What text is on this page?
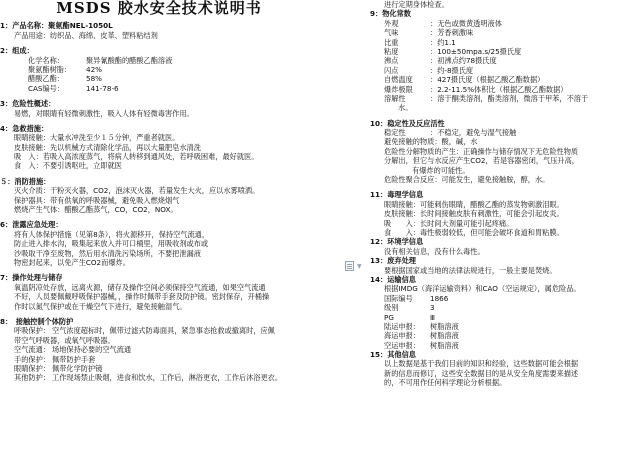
MSDS 胶水安全技术说明书
1：产品名称：聚氨酯NEL-1050L
产品用途：纺织品、海绵、皮革、塑料粘结剂
2：组成：
化学名称：	聚异氰酸酯的醋酸乙酯溶液
聚氨酯树脂：	42%
醋酸乙酯：	58%
CAS编号：	141-78-6
3：危险性概述：
易燃，对眼睛有轻微刺激性，吸入人体有轻微毒害作用。
4：急救措施：
眼睛接触：大量水冲洗至少１５分钟，严重者就医。
皮肤接触：先以机械方式清除化学品，再以大量肥皂水清洗
吸　入：若吸入高浓度蒸气，将病人转移到通风处，若呼吸困难，最好就医。
食　入：不要引诱呕吐，立即就医
５：消防措施：
灭火介质：干粉灭火器，CO2，泡沫灭火器，若量发生大火，应以水雾喷洒。
保护器具：带有供氧的呼吸器械，避免吸入燃烧烟气
燃烧产生气体：醋酸乙酯蒸气，CO，CO2，NOX。
6：泄露应急处理：
将有人体保护措施（见第8条），将火源移开，保持空气流通，
防止进入排水沟，吸集起来放入并可口桶里，用吸收剂或布或
沙吸取干净至废物，然后用水清洗污染场所，不要把泄漏液
物密封起来，以免产生CO2而爆炸。
7：操作处理与储存
氧温阴凉处存放，远离火源，储存及操作空间必须保持空气流通，如果空气流通
不好，人员要佩戴呼吸保护器械，，操作时佩带手套及防护镜。密封保存，开桶操
作时以氮气保护或在干燥空气下进行，避免接触湿气。
8：　接触控制个体防护
呼吸保护： 空气浓度超标时，佩带过滤式防毒面具，紧急事态抢救或撤离时，应佩
带空气呼吸器，或氧气呼吸器。
空气流通： 场地保持必要的空气流通
手的保护： 佩带防护手套
眼睛保护： 佩带化学防护镜
其他防护： 工作现场禁止吸烟，进食和饮水，工作后，淋浴更衣，工作后沐浴更衣。
▼
进行定期身体检查。
9：物化常数
外观	：无色或微黄透明液体
气味	：芳香刺激味
比重	：约1.1
粘度	：100±50mpa.s/25摄氏度
沸点	：初沸点约78摄氏度
闪点	：约-8摄氏度
自燃温度	：427摄氏度（根据乙酸乙酯数据）
爆炸极限	：2.2-11.5%体积比（根据乙酸乙酯数据）
溶解性	：溶于酮类溶剂，酯类溶剂，微溶于甲苯，不溶于
水。
10：稳定性及反应活性
稳定性	：不稳定，避免与湿气接触
避免接触的物质：酸，碱，水
危险性分解物质的产生：正确操作与储存情况下无危险性物质
分解出，但它与水反应产生CO2，若是容器密闭，气压升高，
有爆炸的可能性。
危险性聚合反应：可能发生，避免接触胺，醇，水。
11：毒理学信息
眼睛接触：可能刺伤眼睛，醋酸乙酯的蒸发物刺激泪眼。
皮肤接触：长时间接触皮肤有刺激性，可能会引起皮炎。
吸　　入：长时间大剂量可能引起疼痛。
食　　入：毒性极弱较低，但可能会破坏食道和胃粘膜。
12：环境学信息
没有相关信息，没有什么毒性。
13：废弃处理
要根据国家或当地的法律法规进行，一般主要是焚烧。
14：运输信息
根据IMDG（海洋运输资料）和CAO（空运规定），属危险品。
国际编号	1866
级别	3
PG	Ⅲ
陆运申报：	树脂溶液
海运申报：	树脂溶液
空运申报：	树脂溶液
15：其他信息
以上数据是基于我们目前的知识和经验，这些数据可能会根据
新的信息而修订，这些安全数据目的是从安全角度需要来描述
的，不可用作任何科学理论分析根据。
